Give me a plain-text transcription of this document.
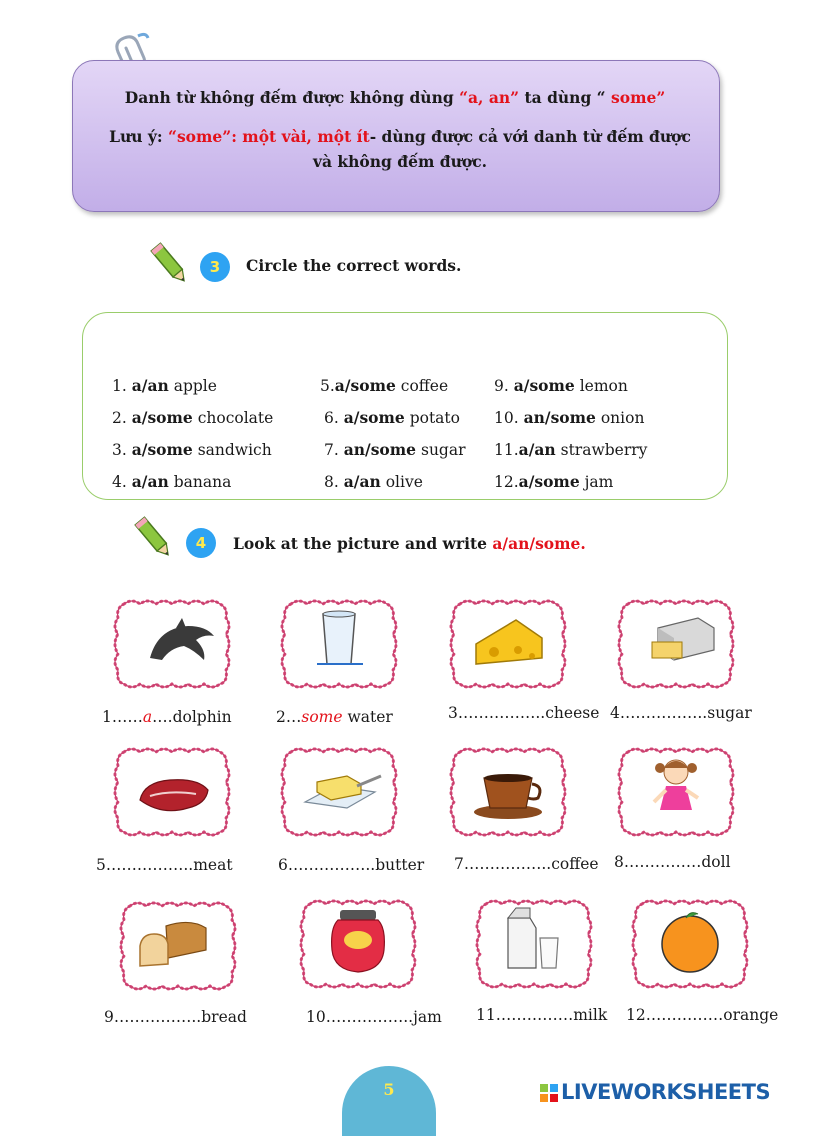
Danh từ không đếm được không dùng “a, an” ta dùng “ some”
Lưu ý: “some”: một vài, một ít- dùng được cả với danh từ đếm được và không đếm được.
3	Circle the correct words.
1. a/an apple
2. a/some chocolate
3. a/some sandwich
4. a/an banana
5.a/some coffee
6. a/some potato
7. an/some sugar
8. a/an olive
9. a/some lemon
10. an/some onion
11.a/an strawberry
12.a/some jam
4	Look at the picture and write a/an/some.
1……a….dolphin	2…some water	3……………..cheese 4……………..sugar
5……………..meat	6……………..butter 7……………..coffee 8……………doll
9……………..bread	10……………..jam 11……………milk 12……………orange
5	LIVEWORKSHEETS
